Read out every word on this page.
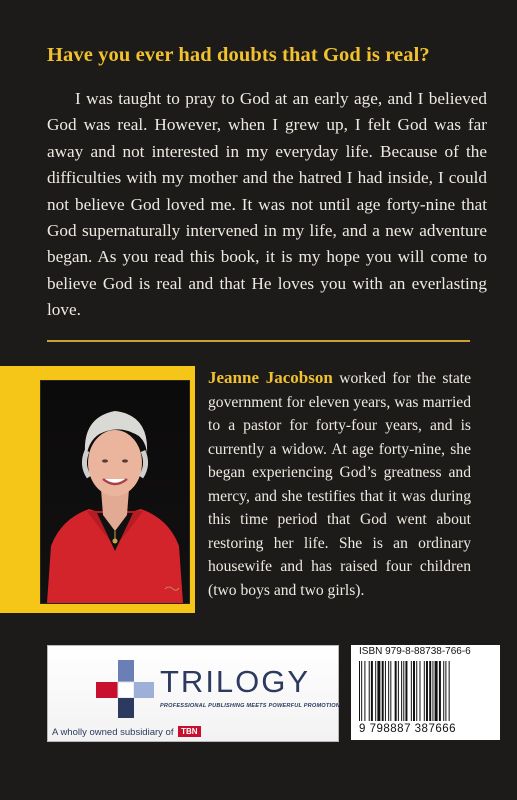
Have you ever had doubts that God is real?

I was taught to pray to God at an early age, and I believed God was real. However, when I grew up, I felt God was far away and not interested in my everyday life. Because of the difficulties with my mother and the hatred I had inside, I could not believe God loved me. It was not until age forty-nine that God supernaturally intervened in my life, and a new adventure began. As you read this book, it is my hope you will come to believe God is real and that He loves you with an everlasting love.

Jeanne Jacobson worked for the state government for eleven years, was married to a pastor for forty-four years, and is currently a widow. At age forty-nine, she began experiencing God’s greatness and mercy, and she testifies that it was during this time period that God went about restoring her life. She is an ordinary housewife and has raised four children (two boys and two girls).

TRILOGY
PROFESSIONAL PUBLISHING MEETS POWERFUL PROMOTION
A wholly owned subsidiary of TBN
ISBN 979-8-88738-766-6
9 798887 387666
